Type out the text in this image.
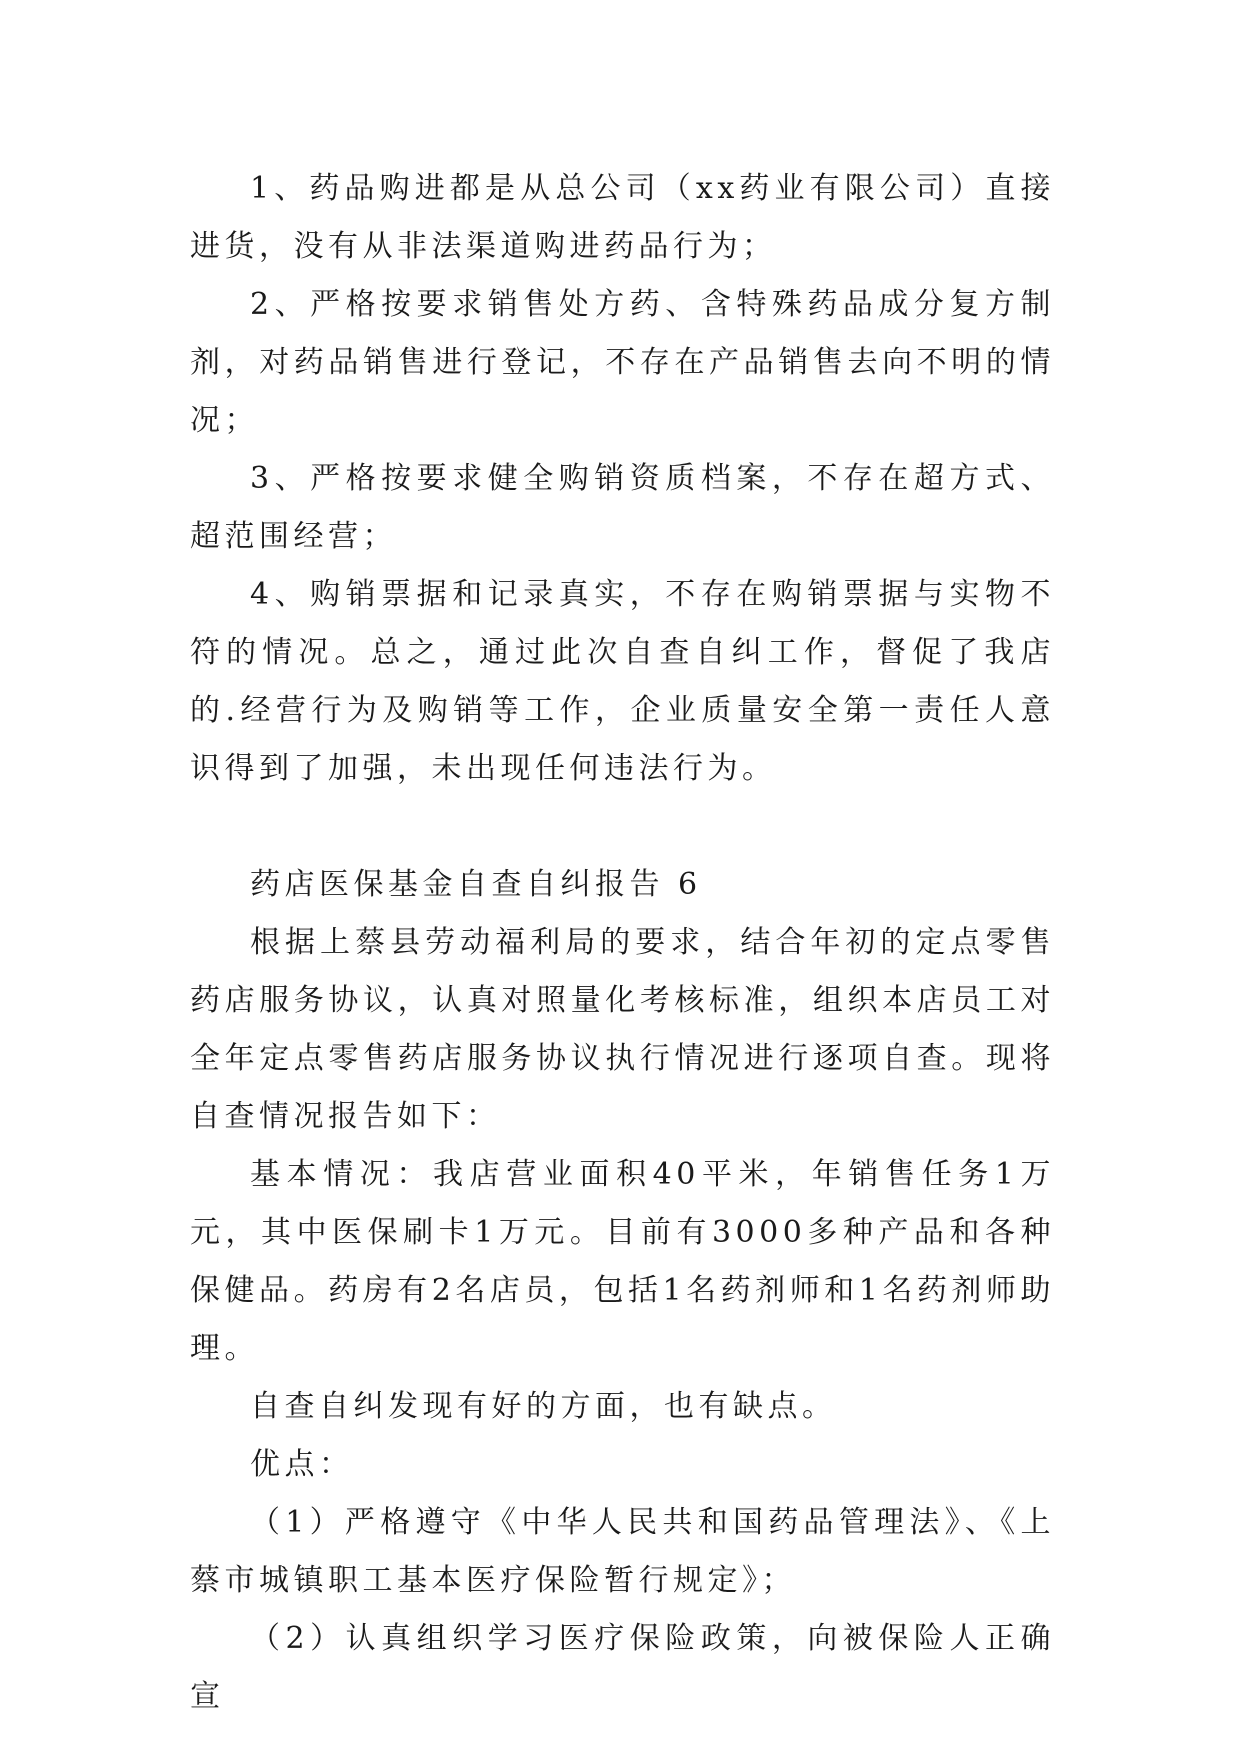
1、药品购进都是从总公司（xx药业有限公司）直接进货，没有从非法渠道购进药品行为；

2、严格按要求销售处方药、含特殊药品成分复方制剂，对药品销售进行登记，不存在产品销售去向不明的情况；

3、严格按要求健全购销资质档案，不存在超方式、超范围经营；

4、购销票据和记录真实，不存在购销票据与实物不符的情况。总之，通过此次自查自纠工作，督促了我店的.经营行为及购销等工作，企业质量安全第一责任人意识得到了加强，未出现任何违法行为。

药店医保基金自查自纠报告 6

根据上蔡县劳动福利局的要求，结合年初的定点零售药店服务协议，认真对照量化考核标准，组织本店员工对全年定点零售药店服务协议执行情况进行逐项自查。现将自查情况报告如下：

基本情况：我店营业面积40平米，年销售任务1万元，其中医保刷卡1万元。目前有3000多种产品和各种保健品。药房有2名店员，包括1名药剂师和1名药剂师助理。

自查自纠发现有好的方面，也有缺点。

优点：

（1）严格遵守《中华人民共和国药品管理法》、《上蔡市城镇职工基本医疗保险暂行规定》；

（2）认真组织学习医疗保险政策，向被保险人正确宣
